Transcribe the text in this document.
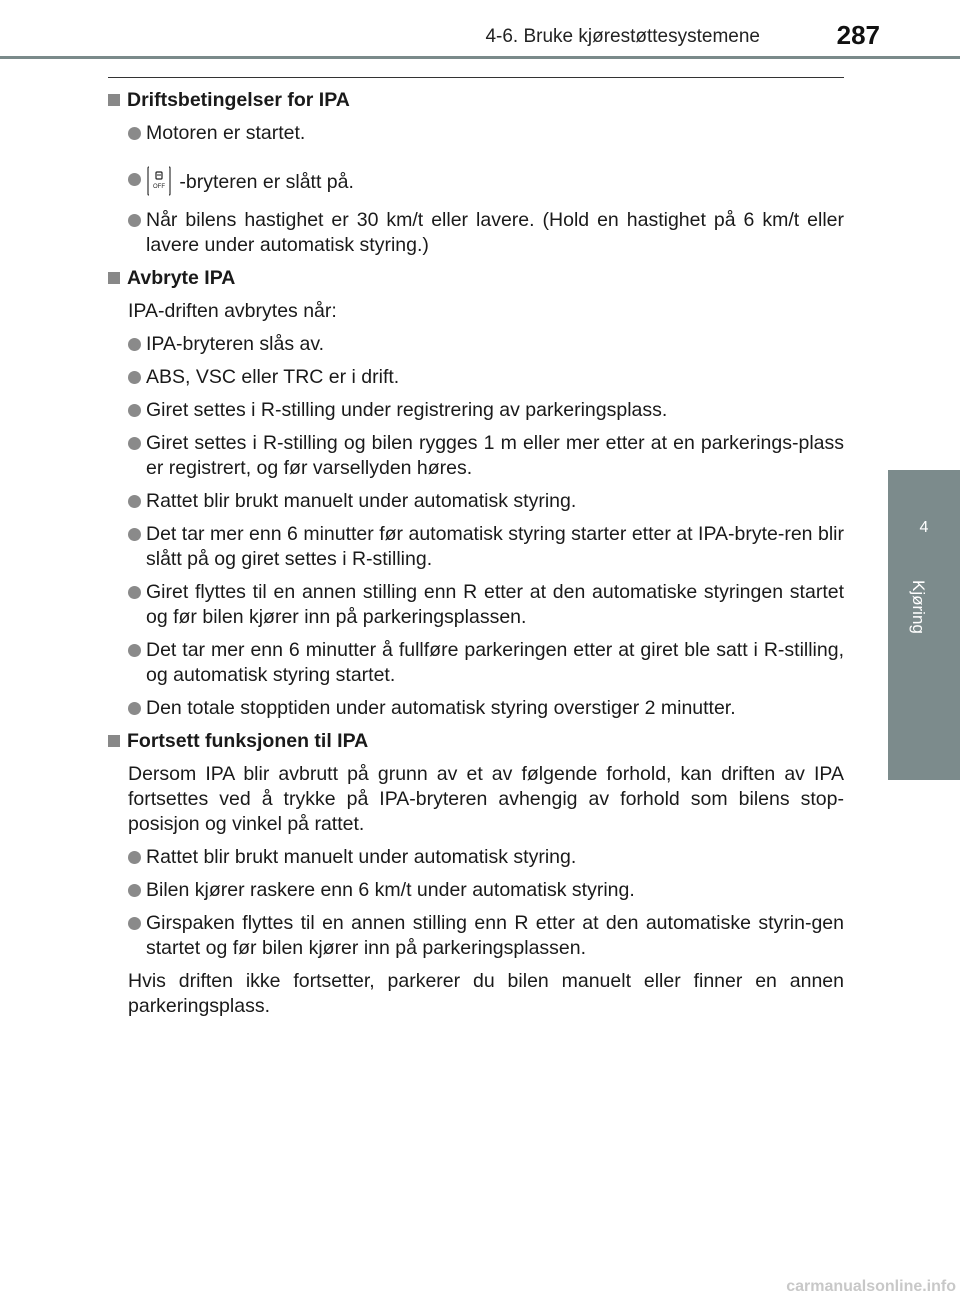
4-6. Bruke kjørestøttesystemene	287
4
Kjøring
Driftsbetingelser for IPA
Motoren er startet.
OFF -bryteren er slått på.
Når bilens hastighet er 30 km/t eller lavere. (Hold en hastighet på 6 km/t eller lavere under automatisk styring.)
Avbryte IPA
IPA-driften avbrytes når:
IPA-bryteren slås av.
ABS, VSC eller TRC er i drift.
Giret settes i R-stilling under registrering av parkeringsplass.
Giret settes i R-stilling og bilen rygges 1 m eller mer etter at en parkerings-plass er registrert, og før varsellyden høres.
Rattet blir brukt manuelt under automatisk styring.
Det tar mer enn 6 minutter før automatisk styring starter etter at IPA-bryte-ren blir slått på og giret settes i R-stilling.
Giret flyttes til en annen stilling enn R etter at den automatiske styringen startet og før bilen kjører inn på parkeringsplassen.
Det tar mer enn 6 minutter å fullføre parkeringen etter at giret ble satt i R-stilling, og automatisk styring startet.
Den totale stopptiden under automatisk styring overstiger 2 minutter.
Fortsett funksjonen til IPA
Dersom IPA blir avbrutt på grunn av et av følgende forhold, kan driften av IPA fortsettes ved å trykke på IPA-bryteren avhengig av forhold som bilens stop-posisjon og vinkel på rattet.
Rattet blir brukt manuelt under automatisk styring.
Bilen kjører raskere enn 6 km/t under automatisk styring.
Girspaken flyttes til en annen stilling enn R etter at den automatiske styrin-gen startet og før bilen kjører inn på parkeringsplassen.
Hvis driften ikke fortsetter, parkerer du bilen manuelt eller finner en annen parkeringsplass.
carmanualsonline.info
